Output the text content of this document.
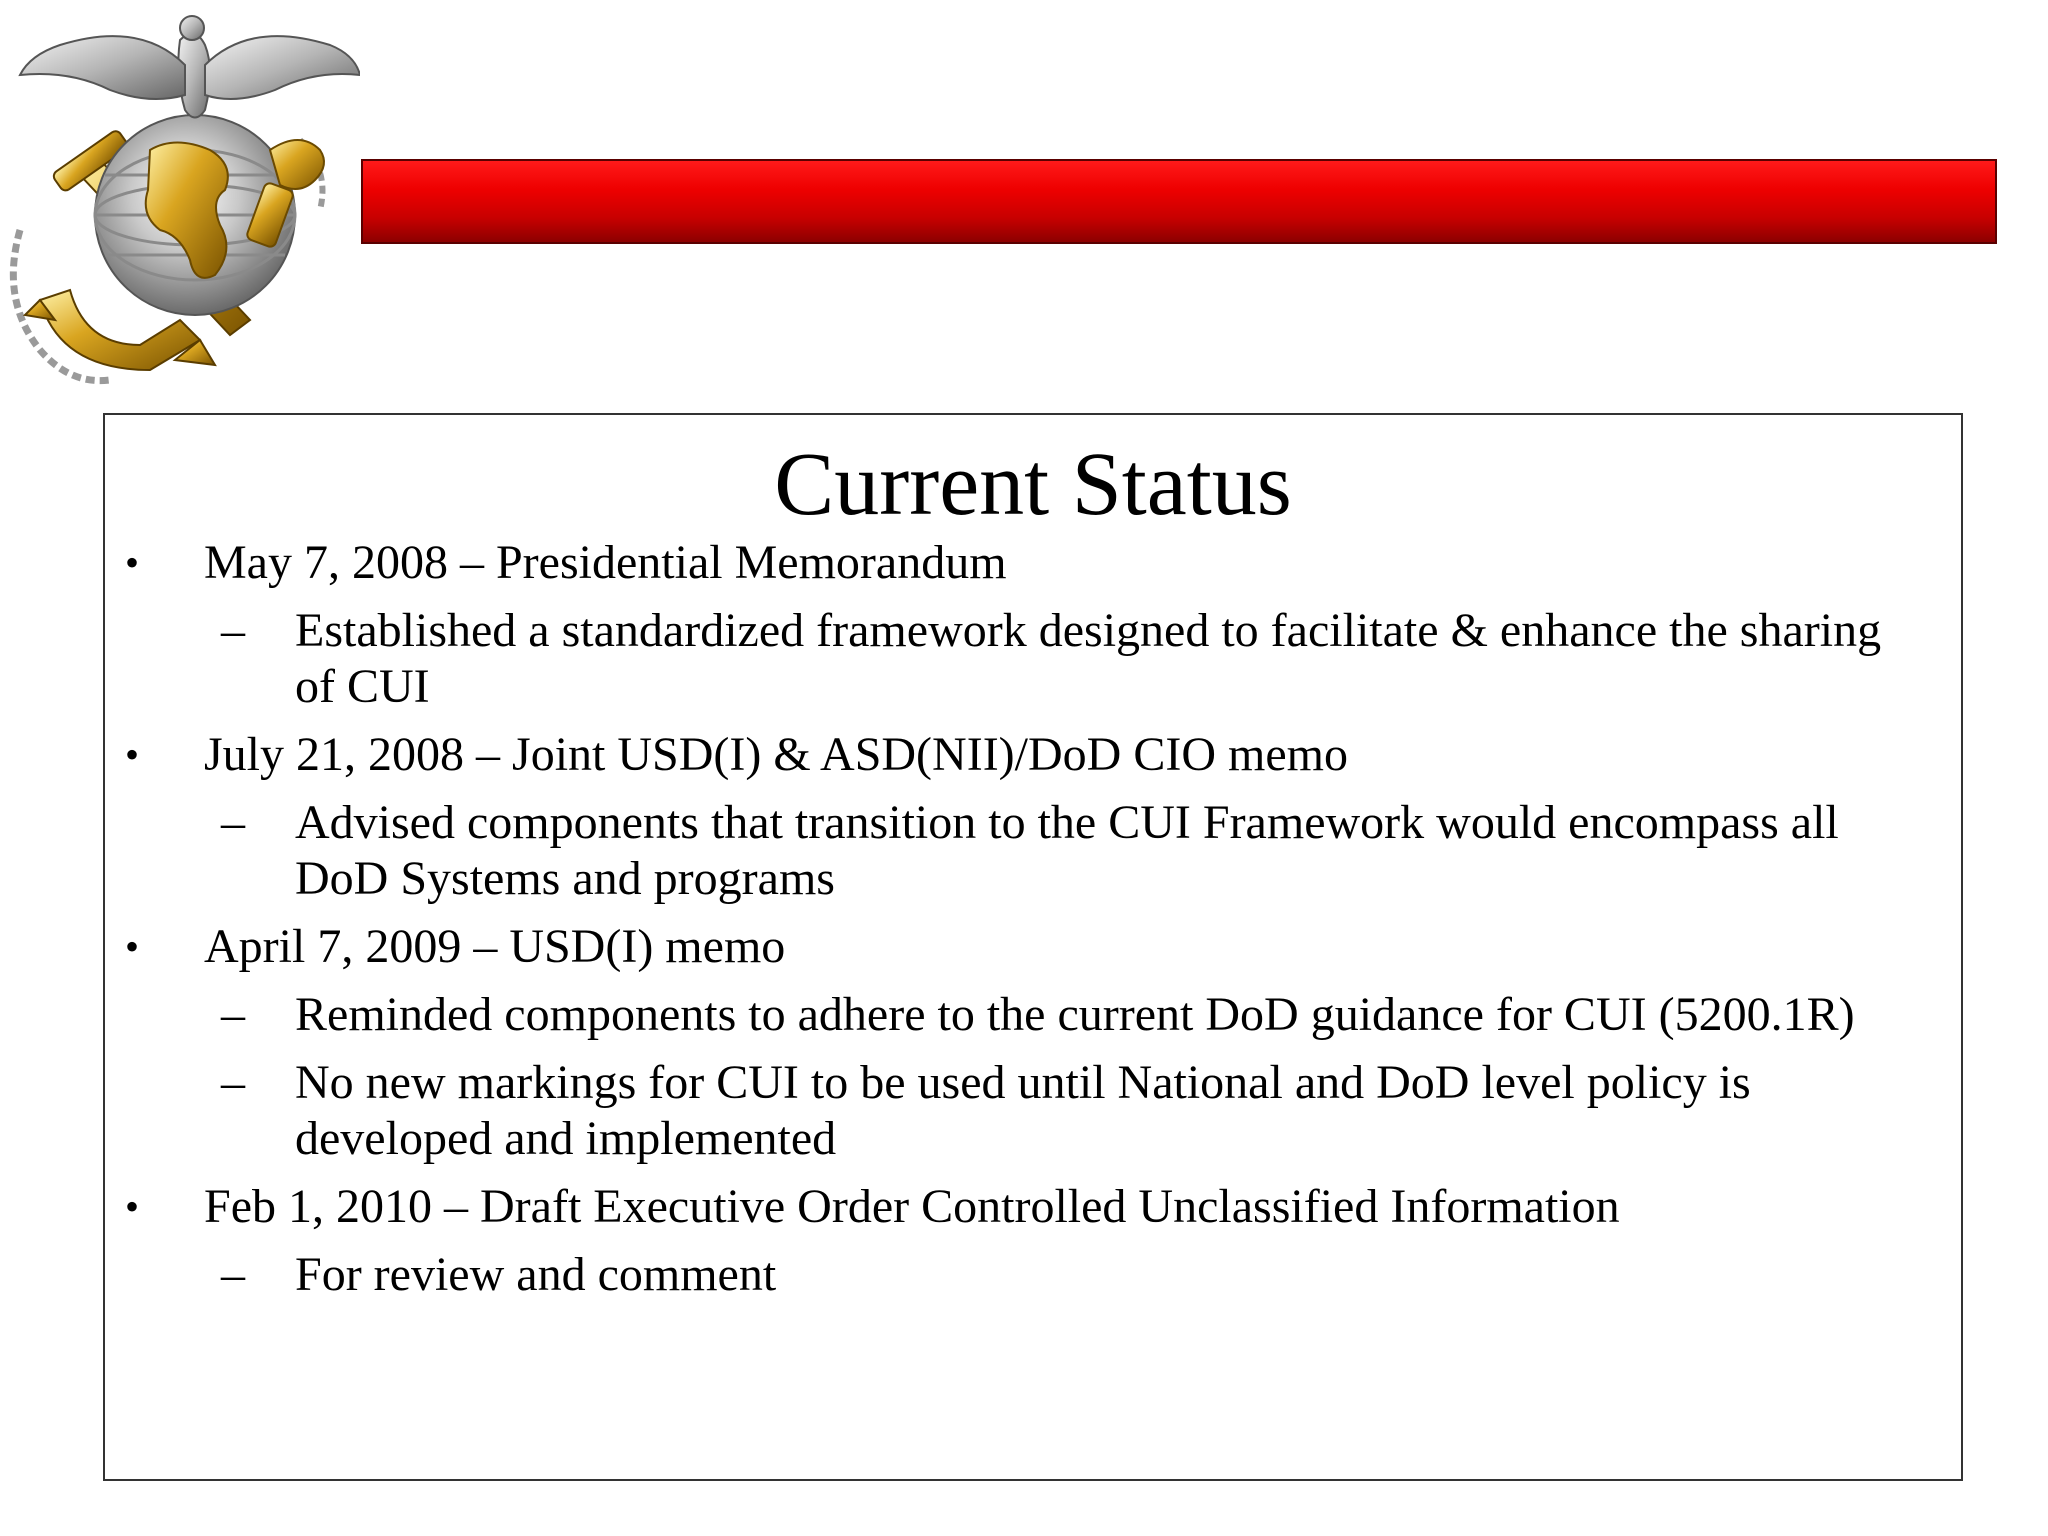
Current Status
•	May 7, 2008 – Presidential Memorandum
–	Established a standardized framework designed to facilitate & enhance the sharing of CUI
•	July 21, 2008 – Joint USD(I) & ASD(NII)/DoD CIO memo
–	Advised components that transition to the CUI Framework would encompass all DoD Systems and programs
•	April 7, 2009 – USD(I) memo
–	Reminded components to adhere to the current DoD guidance for CUI (5200.1R)
–	No new markings for CUI to be used until National and DoD level policy is developed and implemented
•	Feb 1, 2010 – Draft Executive Order Controlled Unclassified Information
–	For review and comment
